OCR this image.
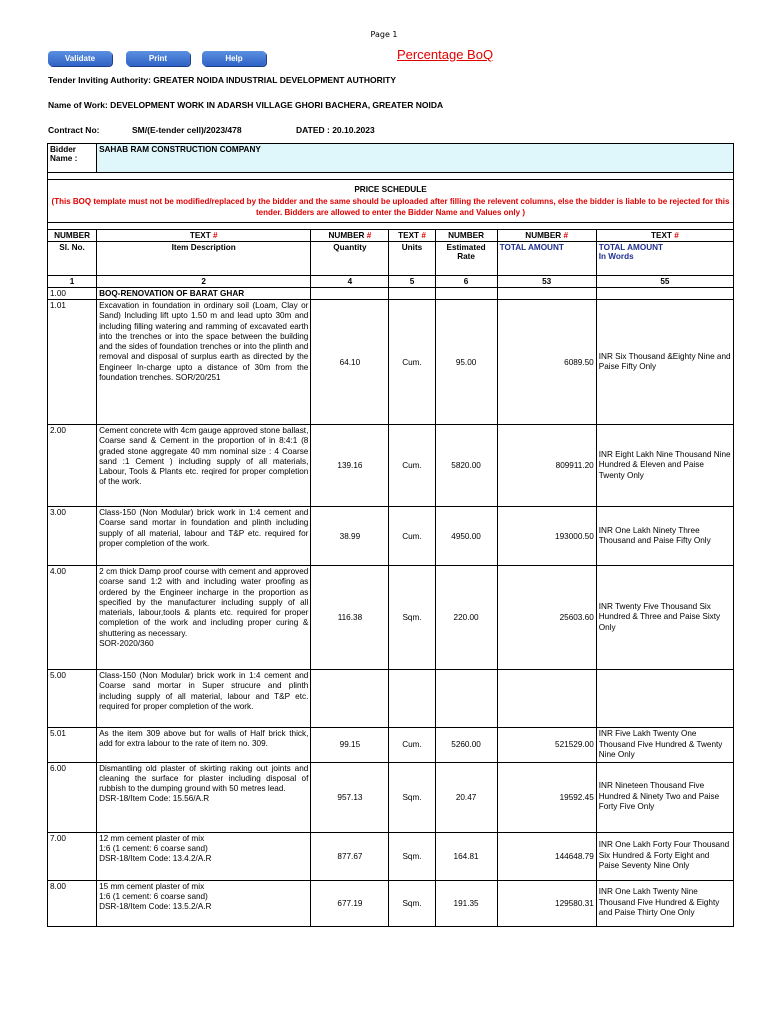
Page 1
Validate	Print	Help	Percentage BoQ
Tender Inviting Authority: GREATER NOIDA INDUSTRIAL DEVELOPMENT AUTHORITY
Name of Work: DEVELOPMENT WORK IN ADARSH VILLAGE GHORI BACHERA, GREATER NOIDA
Contract No:	SM/(E-tender cell)/2023/478	DATED : 20.10.2023
Bidder Name :	SAHAB RAM CONSTRUCTION COMPANY					

PRICE SCHEDULE
(This BOQ template must not be modified/replaced by the bidder and the same should be uploaded after filling the relevent columns, else the bidder is liable to be rejected for this tender. Bidders are allowed to enter the Bidder Name and Values only )						

NUMBER	TEXT #	NUMBER #	TEXT #	NUMBER	NUMBER #	TEXT #
Sl. No.	Item Description	Quantity	Units	Estimated Rate	TOTAL AMOUNT	TOTAL AMOUNT
In Words

1	2	4	5	6	53	55
1.00	BOQ-RENOVATION OF BARAT GHAR					
1.01	Excavation in foundation in ordinary soil (Loam, Clay or Sand) Including lift upto 1.50 m and lead upto 30m and including filling watering and ramming of excavated earth into the trenches or into the space between the building and the sides of foundation trenches or into the plinth and removal and disposal of surplus earth as directed by the Engineer In-charge upto a distance of 30m from the foundation trenches. SOR/20/251	64.10	Cum.	95.00	6089.50	INR Six Thousand &Eighty Nine and Paise Fifty Only
2.00	Cement concrete with 4cm gauge approved stone ballast, Coarse sand & Cement in the proportion of in 8:4:1 (8 graded stone aggregate 40 mm nominal size : 4 Coarse sand :1 Cement ) including supply of all materials, Labour, Tools & Plants etc. reqired for proper completion of the work.	139.16	Cum.	5820.00	809911.20	INR Eight Lakh Nine Thousand Nine Hundred & Eleven and Paise Twenty Only
3.00	Class-150 (Non Modular) brick work in 1:4 cement and Coarse sand mortar in foundation and plinth including supply of all material, labour and T&P etc. required for proper completion of the work.	38.99	Cum.	4950.00	193000.50	INR One Lakh Ninety Three Thousand and Paise Fifty Only
4.00	2 cm thick Damp proof course with cement and approved coarse sand 1:2 with and including water proofing as ordered by the Engineer incharge in the proportion as specified by the manufacturer including supply of all materials, labour,tools & plants etc. required for proper completion of the work and including proper curing & shuttering as necessary.
SOR-2020/360	116.38	Sqm.	220.00	25603.60	INR Twenty Five Thousand Six Hundred & Three and Paise Sixty Only
5.00	Class-150 (Non Modular) brick work in 1:4 cement and Coarse sand mortar in Super strucure and plinth including supply of all material, labour and T&P etc. required for proper completion of the work.					
5.01	As the item 309 above but for walls of Half brick thick, add for extra labour to the rate of item no. 309.	99.15	Cum.	5260.00	521529.00	INR Five Lakh Twenty One Thousand Five Hundred & Twenty Nine Only
6.00	Dismantling old plaster of skirting raking out joints and cleaning the surface for plaster including disposal of rubbish to the dumping ground with 50 metres lead.
DSR-18/Item Code: 15.56/A.R	957.13	Sqm.	20.47	19592.45	INR Nineteen Thousand Five Hundred & Ninety Two and Paise Forty Five Only
7.00	12 mm cement plaster of mix
1:6 (1 cement: 6 coarse sand)
DSR-18/Item Code: 13.4.2/A.R	877.67	Sqm.	164.81	144648.79	INR One Lakh Forty Four Thousand Six Hundred & Forty Eight and Paise Seventy Nine Only
8.00	15 mm cement plaster of mix
1:6 (1 cement: 6 coarse sand)
DSR-18/Item Code: 13.5.2/A.R	677.19	Sqm.	191.35	129580.31	INR One Lakh Twenty Nine Thousand Five Hundred & Eighty and Paise Thirty One Only
